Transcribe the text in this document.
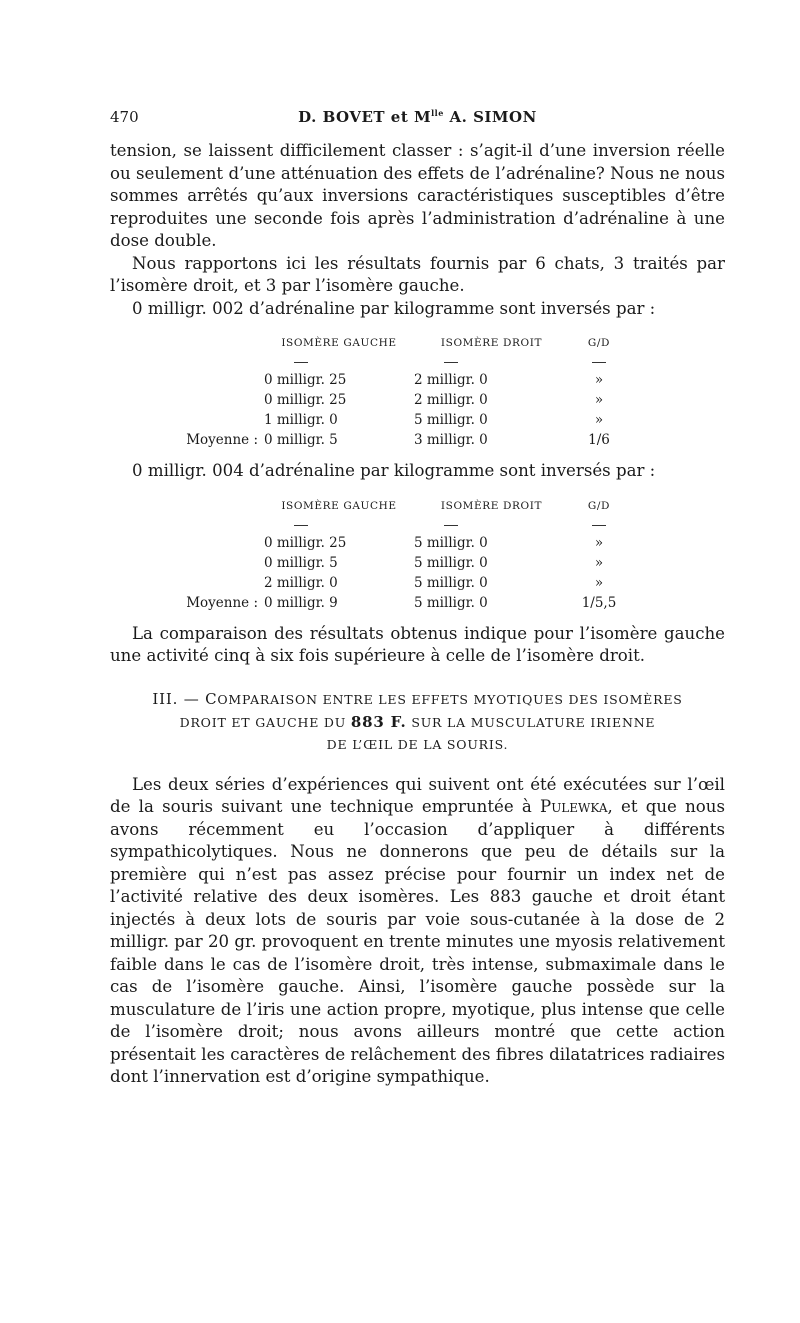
470	D. BOVET et $M^{lle}$ A. SIMON

tension, se laissent difficilement classer : s’agit-il d’une inversion réelle ou seulement d’une atténuation des effets de l’adrénaline? Nous ne nous sommes arrêtés qu’aux inversions caractéristiques susceptibles d’être reproduites une seconde fois après l’administration d’adrénaline à une dose double.

Nous rapportons ici les résultats fournis par 6 chats, 3 traités par l’isomère droit, et 3 par l’isomère gauche.

0 milligr. 002 d’adrénaline par kilogramme sont inversés par :

	ISOMÈRE GAUCHE	ISOMÈRE DROIT	G/D

	0 milligr. 25	2 milligr. 0	»
	0 milligr. 25	2 milligr. 0	»
	1 milligr. 0	5 milligr. 0	»
Moyenne :	0 milligr. 5	3 milligr. 0	1/6

0 milligr. 004 d’adrénaline par kilogramme sont inversés par :

	ISOMÈRE GAUCHE	ISOMÈRE DROIT	G/D

	0 milligr. 25	5 milligr. 0	»
	0 milligr. 5	5 milligr. 0	»
	2 milligr. 0	5 milligr. 0	»
Moyenne :	0 milligr. 9	5 milligr. 0	1/5,5

La comparaison des résultats obtenus indique pour l’isomère gauche une activité cinq à six fois supérieure à celle de l’isomère droit.

III. — COMPARAISON ENTRE LES EFFETS MYOTIQUES DES ISOMÈRES
DROIT ET GAUCHE DU 883 F. SUR LA MUSCULATURE IRIENNE
DE L’ŒIL DE LA SOURIS.

Les deux séries d’expériences qui suivent ont été exécutées sur l’œil de la souris suivant une technique empruntée à Pulewka, et que nous avons récemment eu l’occasion d’appliquer à différents sympathicolytiques. Nous ne donnerons que peu de détails sur la première qui n’est pas assez précise pour fournir un index net de l’activité relative des deux isomères. Les 883 gauche et droit étant injectés à deux lots de souris par voie sous-cutanée à la dose de 2 milligr. par 20 gr. provoquent en trente minutes une myosis relativement faible dans le cas de l’isomère droit, très intense, submaximale dans le cas de l’isomère gauche. Ainsi, l’isomère gauche possède sur la musculature de l’iris une action propre, myotique, plus intense que celle de l’isomère droit; nous avons ailleurs montré que cette action présentait les caractères de relâchement des fibres dilatatrices radiaires dont l’innervation est d’origine sympathique.
